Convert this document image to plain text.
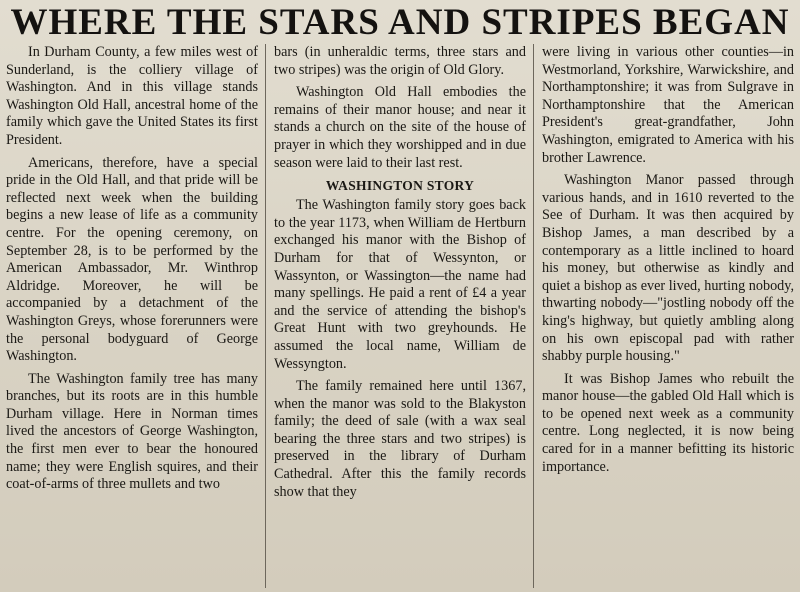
WHERE THE STARS AND STRIPES BEGAN

In Durham County, a few miles west of Sunderland, is the colliery village of Washington. And in this village stands Washington Old Hall, ancestral home of the family which gave the United States its first President.

Americans, therefore, have a special pride in the Old Hall, and that pride will be reflected next week when the building begins a new lease of life as a community centre. For the opening ceremony, on September 28, is to be performed by the American Ambassador, Mr. Winthrop Aldridge. Moreover, he will be accompanied by a detachment of the Washington Greys, whose forerunners were the personal bodyguard of George Washington.

The Washington family tree has many branches, but its roots are in this humble Durham village. Here in Norman times lived the ancestors of George Washington, the first men ever to bear the honoured name; they were English squires, and their coat-of-arms of three mullets and two

bars (in unheraldic terms, three stars and two stripes) was the origin of Old Glory.

Washington Old Hall embodies the remains of their manor house; and near it stands a church on the site of the house of prayer in which they worshipped and in due season were laid to their last rest.

WASHINGTON STORY

The Washington family story goes back to the year 1173, when William de Hertburn exchanged his manor with the Bishop of Durham for that of Wessynton, or Wassynton, or Wassington—the name had many spellings. He paid a rent of £4 a year and the service of attending the bishop's Great Hunt with two greyhounds. He assumed the local name, William de Wessyngton.

The family remained here until 1367, when the manor was sold to the Blakyston family; the deed of sale (with a wax seal bearing the three stars and two stripes) is preserved in the library of Durham Cathedral. After this the family records show that they

were living in various other counties—in Westmorland, Yorkshire, Warwickshire, and Northamptonshire; it was from Sulgrave in Northamptonshire that the American President's great-grandfather, John Washington, emigrated to America with his brother Lawrence.

Washington Manor passed through various hands, and in 1610 reverted to the See of Durham. It was then acquired by Bishop James, a man described by a contemporary as a little inclined to hoard his money, but otherwise as kindly and quiet a bishop as ever lived, hurting nobody, thwarting nobody—"jostling nobody off the king's highway, but quietly ambling along on his own episcopal pad with rather shabby purple housing."

It was Bishop James who rebuilt the manor house—the gabled Old Hall which is to be opened next week as a community centre. Long neglected, it is now being cared for in a manner befitting its historic importance.
